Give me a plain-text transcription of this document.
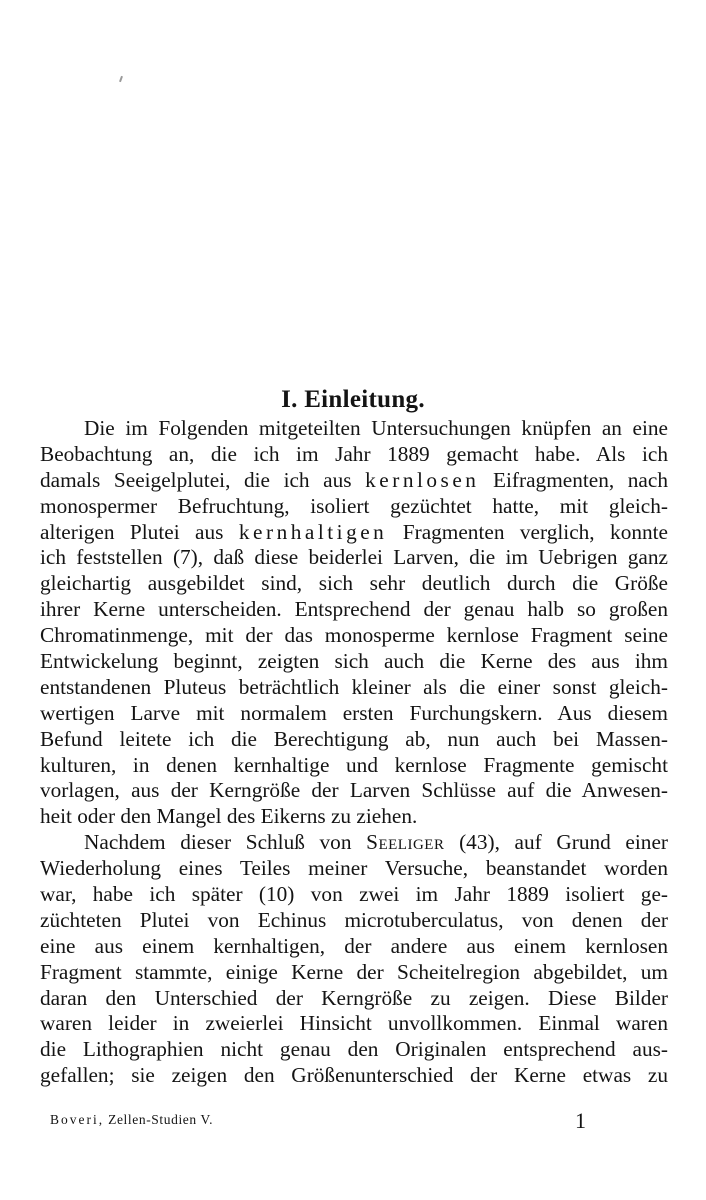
I. Einleitung.
Die im Folgenden mitgeteilten Untersuchungen knüpfen an eine
Beobachtung an, die ich im Jahr 1889 gemacht habe. Als ich
damals Seeigelplutei, die ich aus kernlosen Eifragmenten, nach
monospermer Befruchtung, isoliert gezüchtet hatte, mit gleich-
alterigen Plutei aus kernhaltigen Fragmenten verglich, konnte
ich feststellen (7), daß diese beiderlei Larven, die im Uebrigen ganz
gleichartig ausgebildet sind, sich sehr deutlich durch die Größe
ihrer Kerne unterscheiden. Entsprechend der genau halb so großen
Chromatinmenge, mit der das monosperme kernlose Fragment seine
Entwickelung beginnt, zeigten sich auch die Kerne des aus ihm
entstandenen Pluteus beträchtlich kleiner als die einer sonst gleich-
wertigen Larve mit normalem ersten Furchungskern. Aus diesem
Befund leitete ich die Berechtigung ab, nun auch bei Massen-
kulturen, in denen kernhaltige und kernlose Fragmente gemischt
vorlagen, aus der Kerngröße der Larven Schlüsse auf die Anwesen-
heit oder den Mangel des Eikerns zu ziehen.
Nachdem dieser Schluß von Seeliger (43), auf Grund einer
Wiederholung eines Teiles meiner Versuche, beanstandet worden
war, habe ich später (10) von zwei im Jahr 1889 isoliert ge-
züchteten Plutei von Echinus microtuberculatus, von denen der
eine aus einem kernhaltigen, der andere aus einem kernlosen
Fragment stammte, einige Kerne der Scheitelregion abgebildet, um
daran den Unterschied der Kerngröße zu zeigen. Diese Bilder
waren leider in zweierlei Hinsicht unvollkommen. Einmal waren
die Lithographien nicht genau den Originalen entsprechend aus-
gefallen; sie zeigen den Größenunterschied der Kerne etwas zu
Boveri, Zellen-Studien V.	1
